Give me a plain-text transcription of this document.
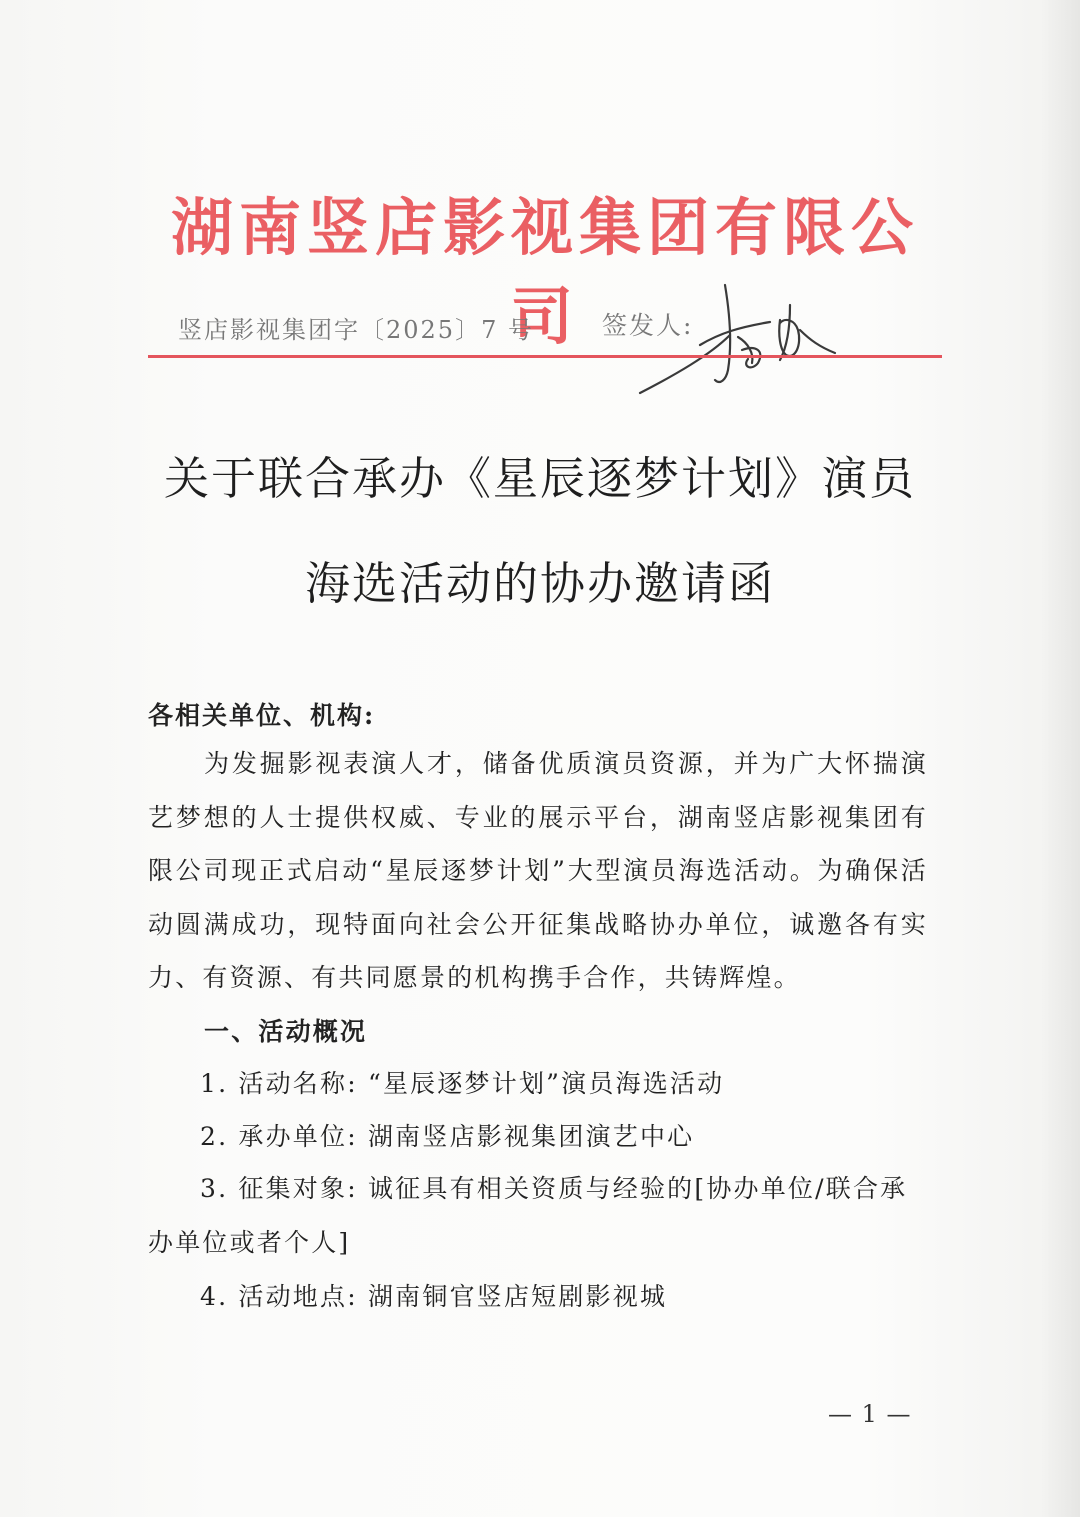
湖南竖店影视集团有限公司
竖店影视集团字〔2025〕7 号	签发人:
关于联合承办《星辰逐梦计划》演员
海选活动的协办邀请函
各相关单位、机构:

为发掘影视表演人才，储备优质演员资源，并为广大怀揣演艺梦想的人士提供权威、专业的展示平台，湖南竖店影视集团有限公司现正式启动“星辰逐梦计划”大型演员海选活动。为确保活动圆满成功，现特面向社会公开征集战略协办单位，诚邀各有实力、有资源、有共同愿景的机构携手合作，共铸辉煌。

一、活动概况
1. 活动名称: “星辰逐梦计划”演员海选活动
2. 承办单位: 湖南竖店影视集团演艺中心
3. 征集对象: 诚征具有相关资质与经验的[协办单位/联合承
办单位或者个人]
4. 活动地点: 湖南铜官竖店短剧影视城
— 1 —
